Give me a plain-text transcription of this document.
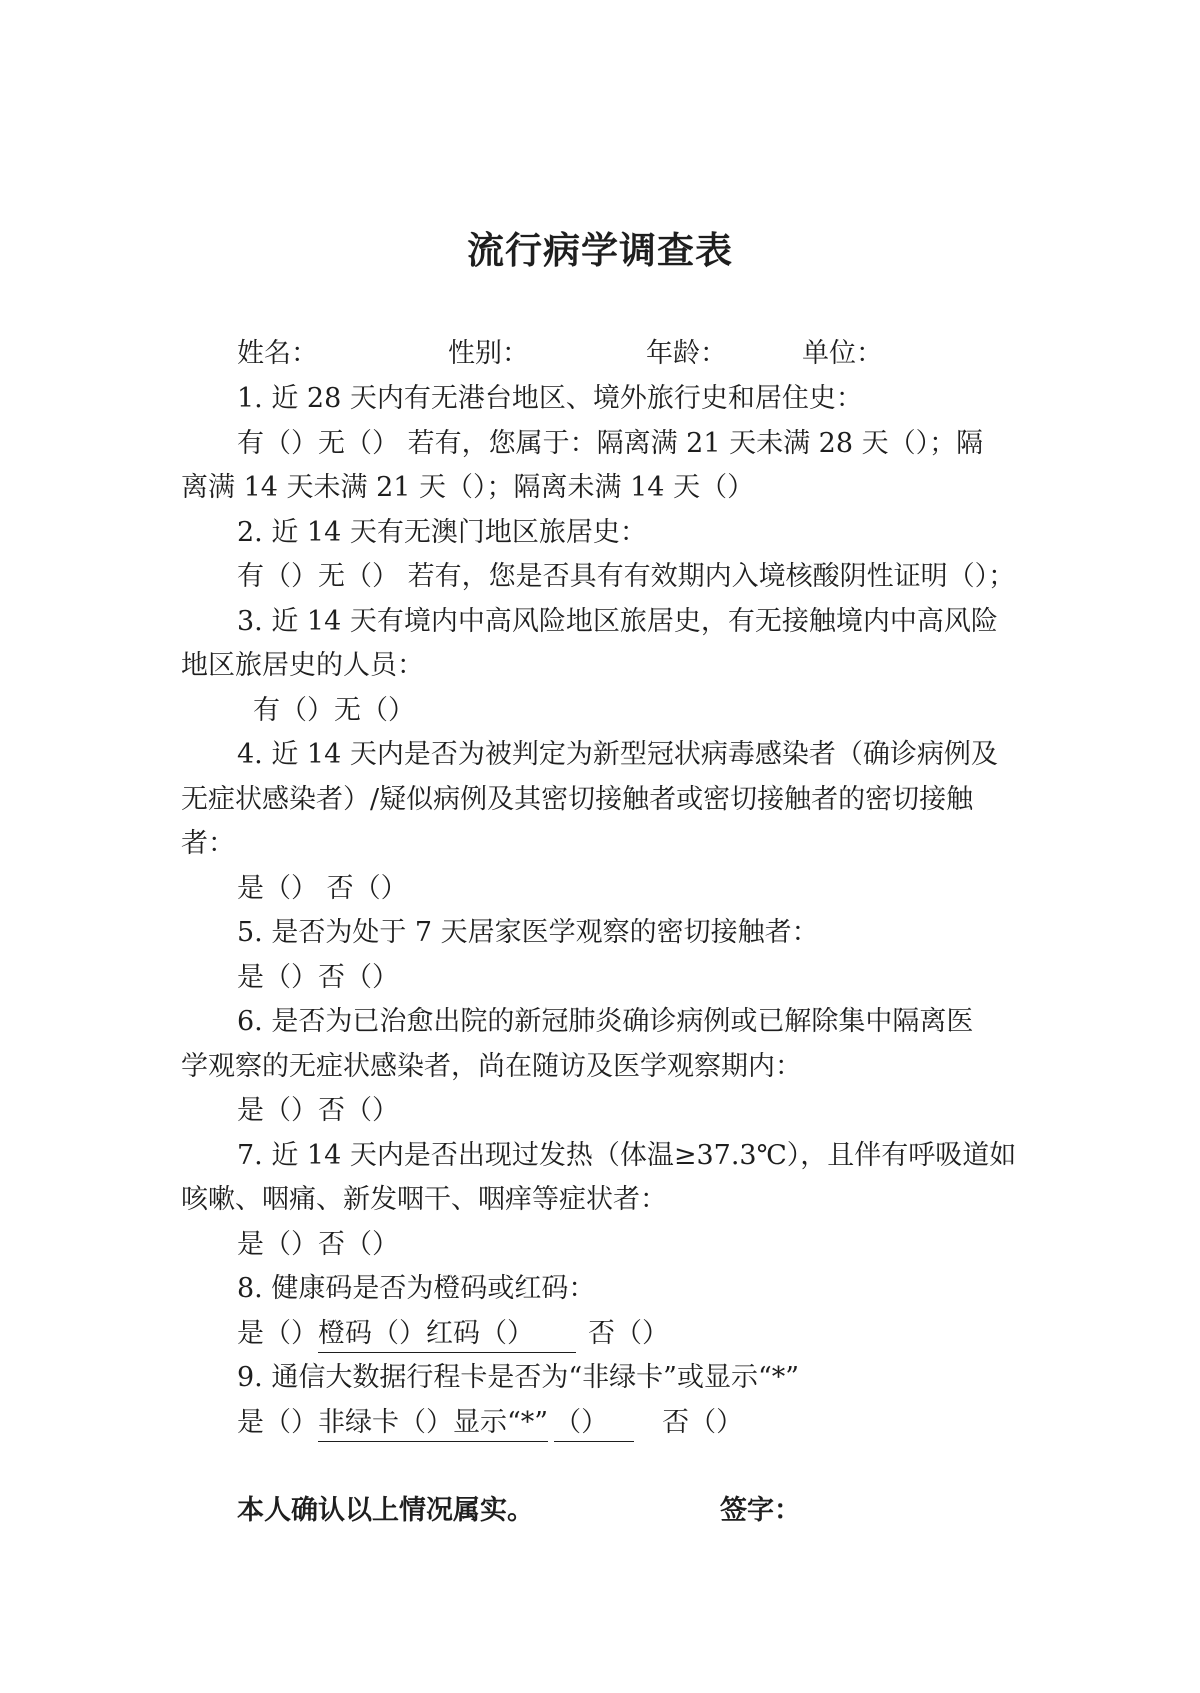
流行病学调查表
姓名：	性别：	年龄：	单位：
1. 近 28 天内有无港台地区、境外旅行史和居住史：
有（）无（） 若有，您属于：隔离满 21 天未满 28 天（）；隔
离满 14 天未满 21 天（）；隔离未满 14 天（）
2. 近 14 天有无澳门地区旅居史：
有（）无（） 若有，您是否具有有效期内入境核酸阴性证明（）；
3. 近 14 天有境内中高风险地区旅居史，有无接触境内中高风险
地区旅居史的人员：
有（）无（）
4. 近 14 天内是否为被判定为新型冠状病毒感染者（确诊病例及
无症状感染者）/疑似病例及其密切接触者或密切接触者的密切接触
者：
是（） 否（）
5. 是否为处于 7 天居家医学观察的密切接触者：
是（）否（）
6. 是否为已治愈出院的新冠肺炎确诊病例或已解除集中隔离医
学观察的无症状感染者，尚在随访及医学观察期内：
是（）否（）
7. 近 14 天内是否出现过发热（体温≥37.3℃），且伴有呼吸道如
咳嗽、咽痛、新发咽干、咽痒等症状者：
是（）否（）
8. 健康码是否为橙码或红码：
是（）橙码（）红码（） 否（）
9. 通信大数据行程卡是否为“非绿卡”或显示“*”
是（）非绿卡（）显示“*” （） 否（）
本人确认以上情况属实。	签字：
